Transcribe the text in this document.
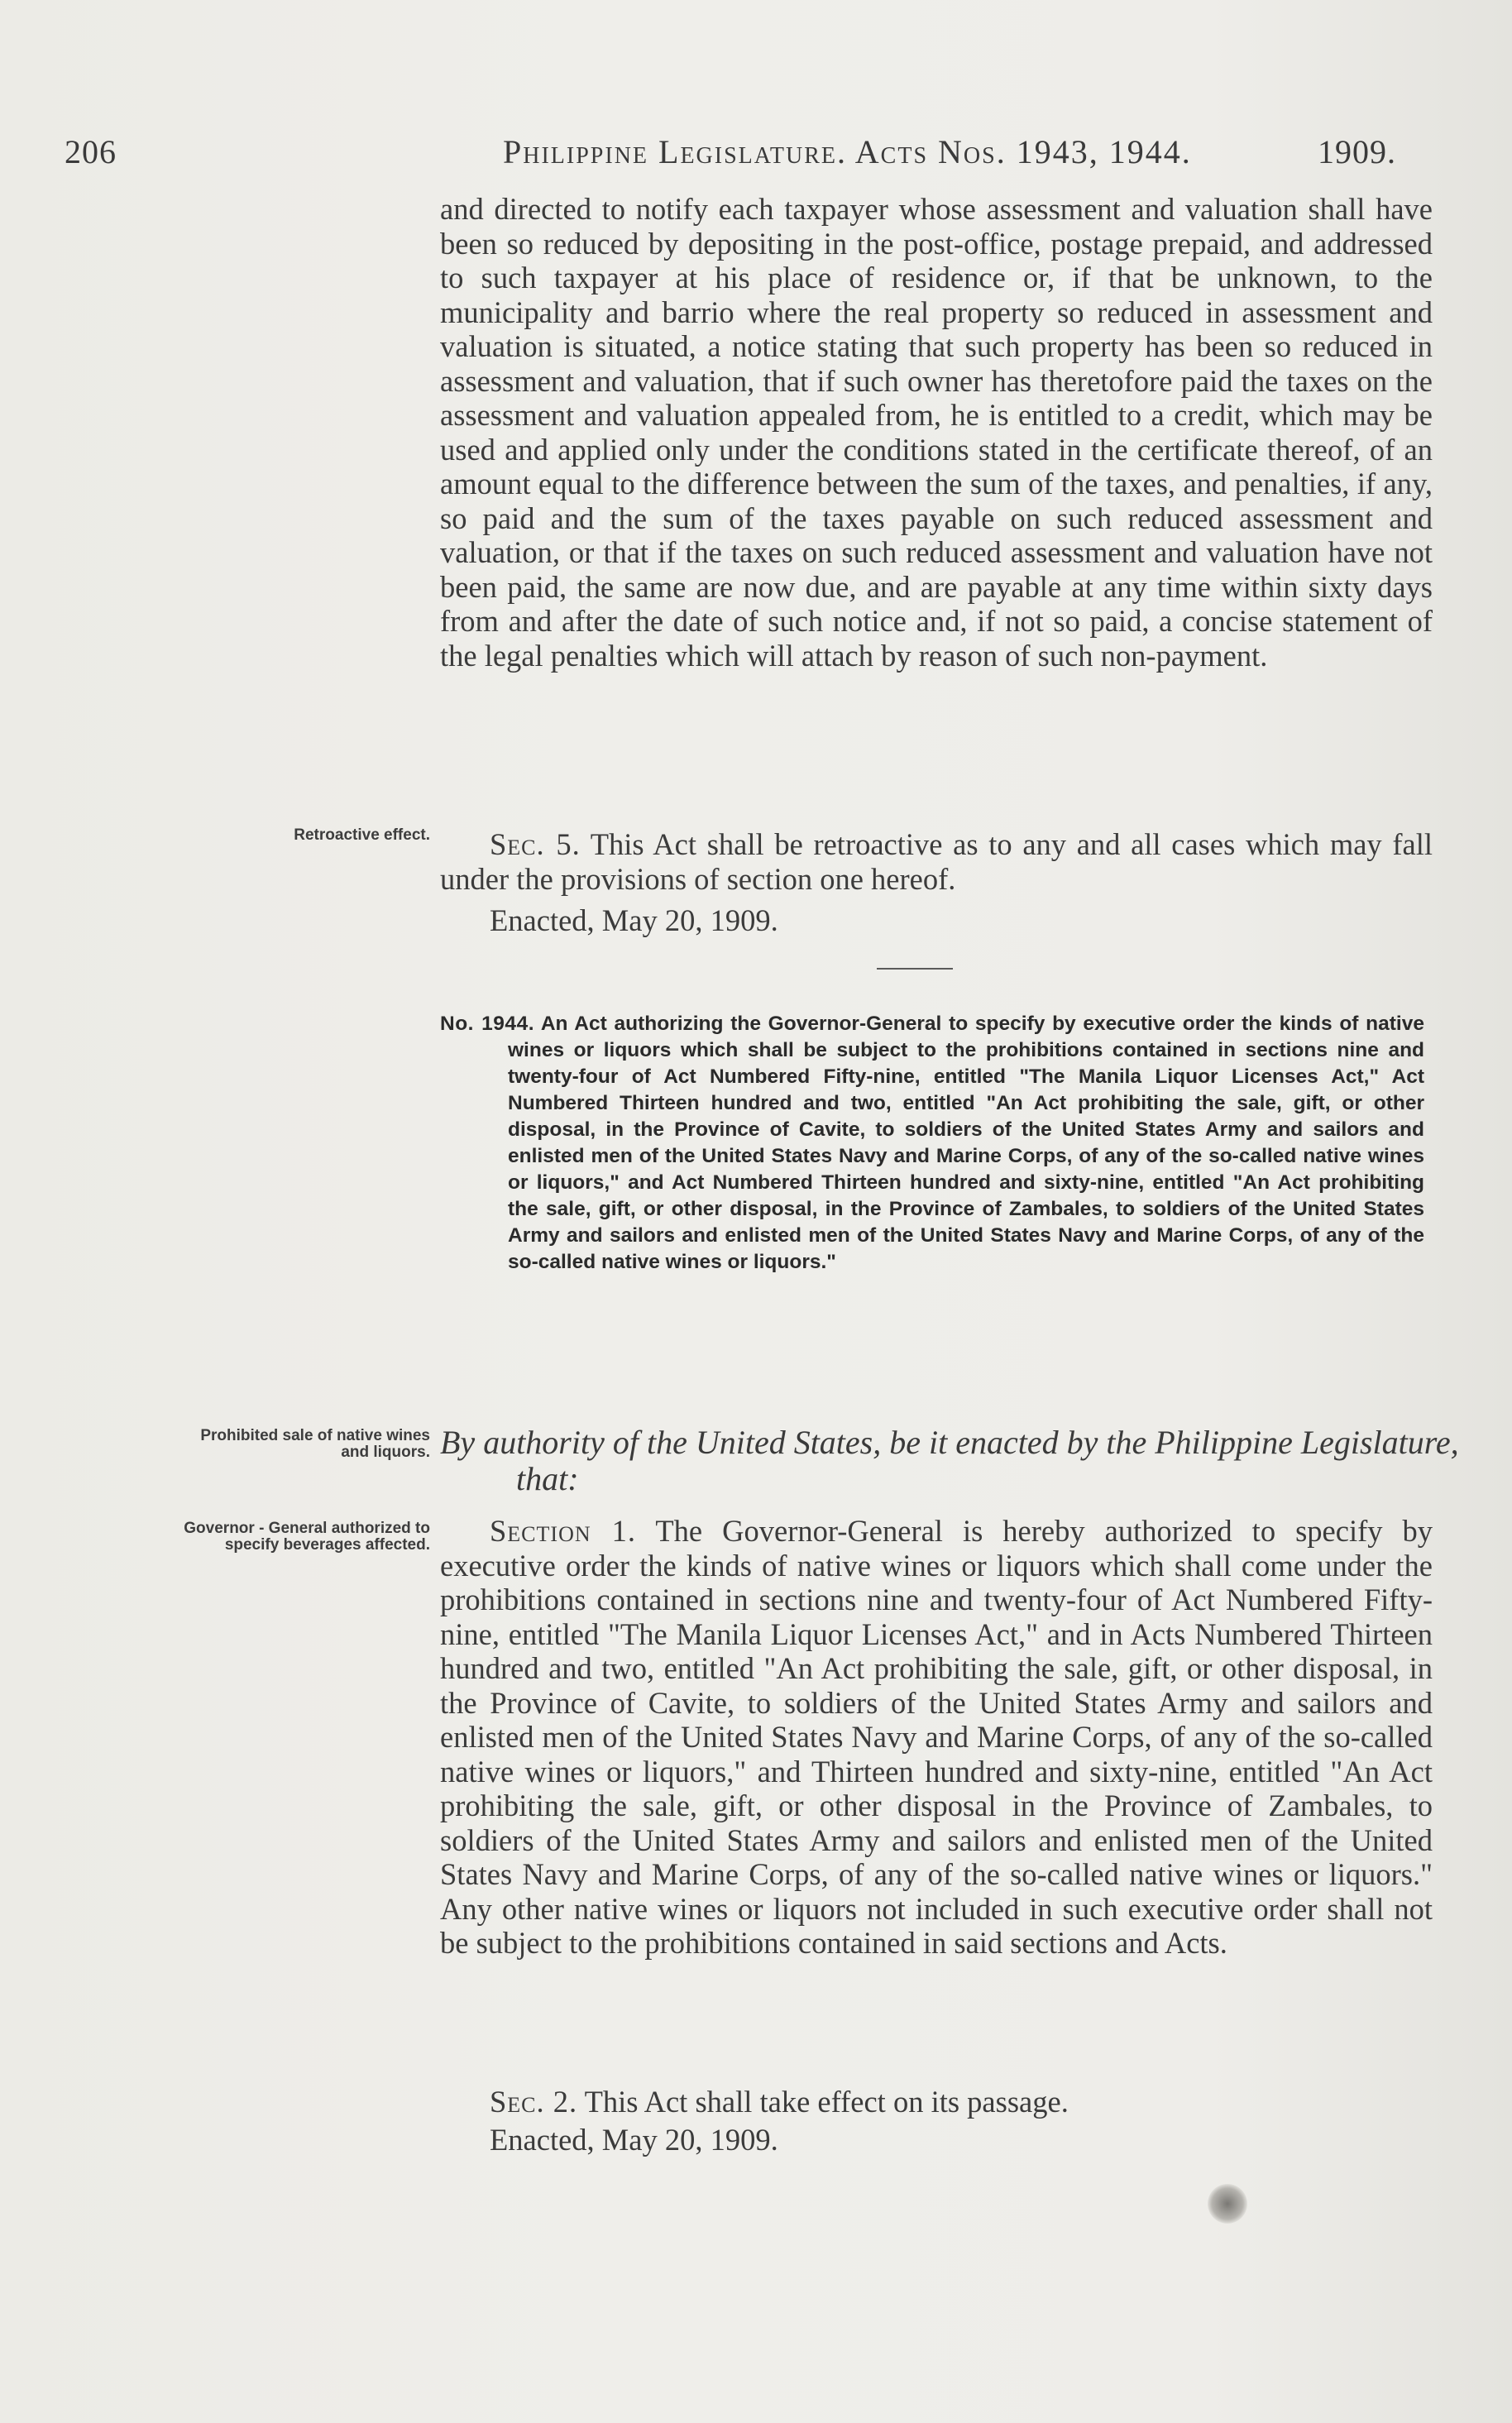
206	Philippine Legislature. Acts Nos. 1943, 1944.	1909.

and directed to notify each taxpayer whose assessment and valuation shall have been so reduced by depositing in the post-office, postage prepaid, and addressed to such taxpayer at his place of residence or, if that be unknown, to the municipality and barrio where the real property so reduced in assessment and valuation is situated, a notice stating that such property has been so reduced in assessment and valuation, that if such owner has theretofore paid the taxes on the assessment and valuation appealed from, he is entitled to a credit, which may be used and applied only under the conditions stated in the certificate thereof, of an amount equal to the difference between the sum of the taxes, and penalties, if any, so paid and the sum of the taxes payable on such reduced assessment and valuation, or that if the taxes on such reduced assessment and valuation have not been paid, the same are now due, and are payable at any time within sixty days from and after the date of such notice and, if not so paid, a concise statement of the legal penalties which will attach by reason of such non-payment.

Retroactive effect.	Sec. 5. This Act shall be retroactive as to any and all cases which may fall under the provisions of section one hereof.

Enacted, May 20, 1909.

No. 1944. An Act authorizing the Governor-General to specify by executive order the kinds of native wines or liquors which shall be subject to the prohibitions contained in sections nine and twenty-four of Act Numbered Fifty-nine, entitled "The Manila Liquor Licenses Act," Act Numbered Thirteen hundred and two, entitled "An Act prohibiting the sale, gift, or other disposal, in the Province of Cavite, to soldiers of the United States Army and sailors and enlisted men of the United States Navy and Marine Corps, of any of the so-called native wines or liquors," and Act Numbered Thirteen hundred and sixty-nine, entitled "An Act prohibiting the sale, gift, or other disposal, in the Province of Zambales, to soldiers of the United States Army and sailors and enlisted men of the United States Navy and Marine Corps, of any of the so-called native wines or liquors."
Prohibited sale of native wines and liquors. By authority of the United States, be it enacted by the Philippine Legislature, that:

Governor - General authorized to specify beverages affected.	Section 1. The Governor-General is hereby authorized to specify by executive order the kinds of native wines or liquors which shall come under the prohibitions contained in sections nine and twenty-four of Act Numbered Fifty-nine, entitled "The Manila Liquor Licenses Act," and in Acts Numbered Thirteen hundred and two, entitled "An Act prohibiting the sale, gift, or other disposal, in the Province of Cavite, to soldiers of the United States Army and sailors and enlisted men of the United States Navy and Marine Corps, of any of the so-called native wines or liquors," and Thirteen hundred and sixty-nine, entitled "An Act prohibiting the sale, gift, or other disposal in the Province of Zambales, to soldiers of the United States Army and sailors and enlisted men of the United States Navy and Marine Corps, of any of the so-called native wines or liquors." Any other native wines or liquors not included in such executive order shall not be subject to the prohibitions contained in said sections and Acts.

Sec. 2. This Act shall take effect on its passage.

Enacted, May 20, 1909.
